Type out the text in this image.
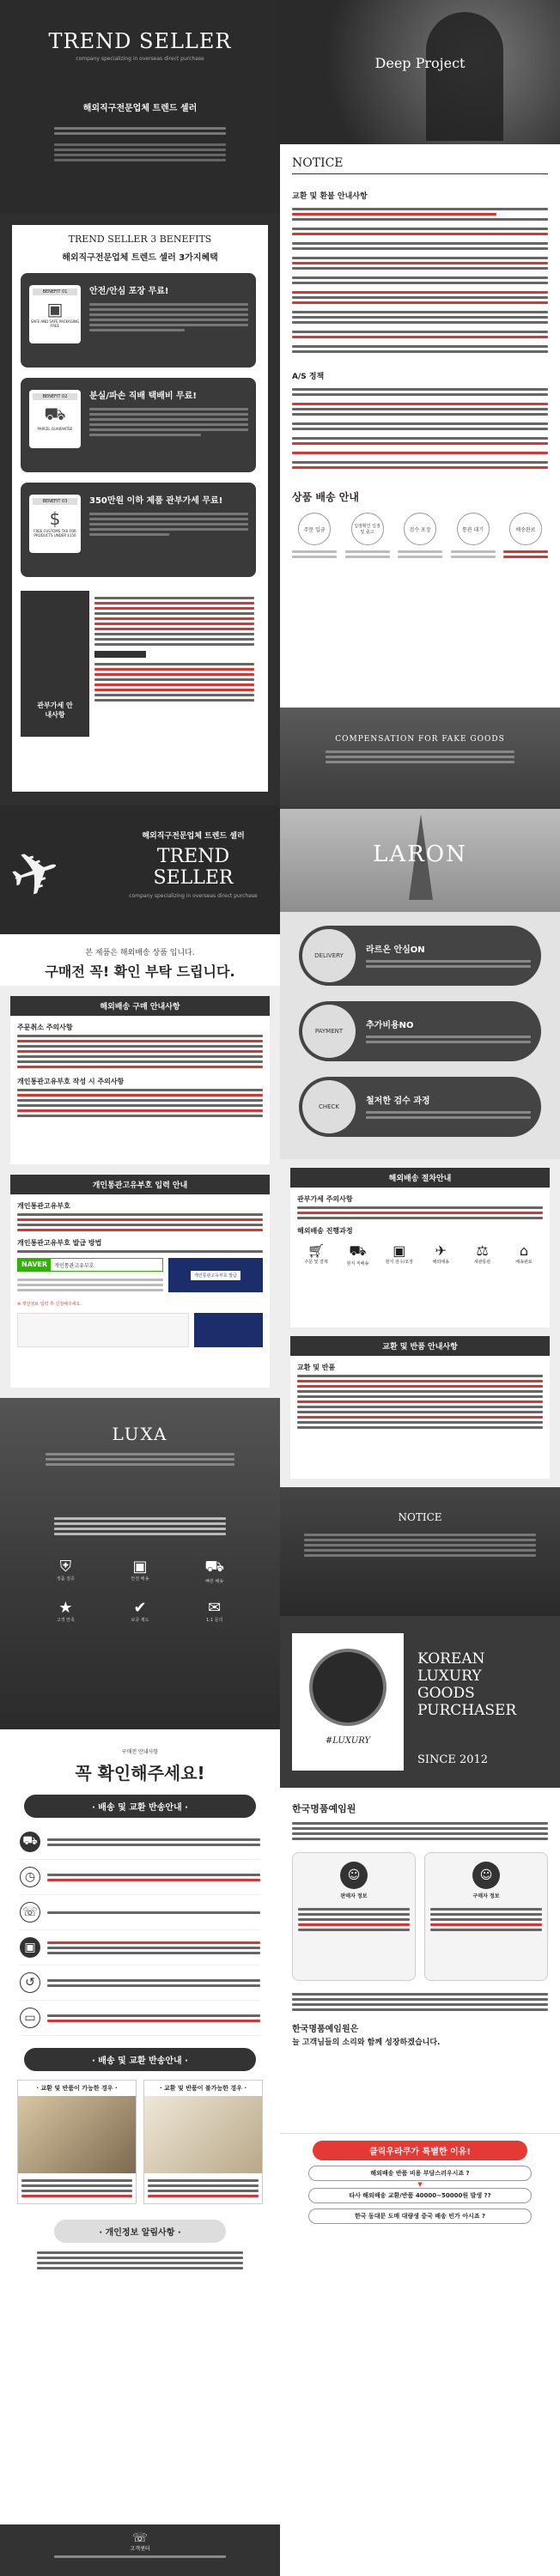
TREND SELLER
company specializing in overseas direct purchase
해외직구전문업체 트렌드 셀러
TREND SELLER 3 BENEFITS
해외직구전문업체 트렌드 셀러 3가지혜택
BENEFIT 01
▣
SAFE AND SAFE PACKAGING FREE
안전/안심 포장 무료!
BENEFIT 02
⛟
PARCEL GUARANTEE
분실/파손 직배 택배비 무료!
BENEFIT 03
$
FREE CUSTOMS TAX FOR PRODUCTS UNDER $150
350만원 이하 제품 관부가세 무료!
관부가세 안내사항
✈	해외직구전문업체 트렌드 셀러
TREND SELLER
company specializing in overseas direct purchase
본 제품은 해외배송 상품 입니다.
구매전 꼭! 확인 부탁 드립니다.
해외배송 구매 안내사항
주문취소 주의사항
개인통관고유부호 작성 시 주의사항
개인통관고유부호 입력 안내
개인통관고유부호
개인통관고유부호 발급 방법
NAVER	개인통관고유부호
개인통관고유부호 발급
※ 개인정보 입력 후 신청해주세요.
LUXA
⛨
정품 검증
▣
안전 배송
⛟
빠른 배송
★
고객 만족
✔
보증 제도
✉
1:1 문의
구매전 안내사항
꼭 확인해주세요!
· 배송 및 교환 반송안내 ·
⛟
◷
☏
▣
↺
▭
· 배송 및 교환 반송안내 ·
· 교환 및 반품이 가능한 경우 ·	· 교환 및 반품이 불가능한 경우 ·
· 개인정보 알림사항 ·
☏
고객센터
Deep Project
NOTICE
교환 및 환불 안내사항
A/S 정책
상품 배송 안내
주문 입금
입점확인 입점 및 출고	검수 포장	통관 대기	배송완료
COMPENSATION FOR FAKE GOODS
LARON
DELIVERY
라르온 안심ON
PAYMENT
추가비용NO
CHECK
철저한 검수 과정
해외배송 절차안내
관부가세 주의사항
해외배송 진행과정
🛒︎
주문 및 결제
⛟
현지 직배송
▣
현지 검수/포장
✈
해외배송
⚖
세관통관
⌂
배송완료
교환 및 반품 안내사항
교환 및 반품
NOTICE
#LUXURY
KOREAN
LUXURY
GOODS
PURCHASER
SINCE 2012
한국명품예임원
☺
판매자 정보
☺
구매자 정보
한국명품예임원은
늘 고객님들의 소리와 함께 성장하겠습니다.
클릭우라쿠가 특별한 이유!
해외배송 반품 비용 부담스러우시죠 ?
▼
타사 해외배송 교환/반품 40000~50000원 발생 ??
한국 동대문 도매 대량생 중국 배송 빈가 아시죠 ?
